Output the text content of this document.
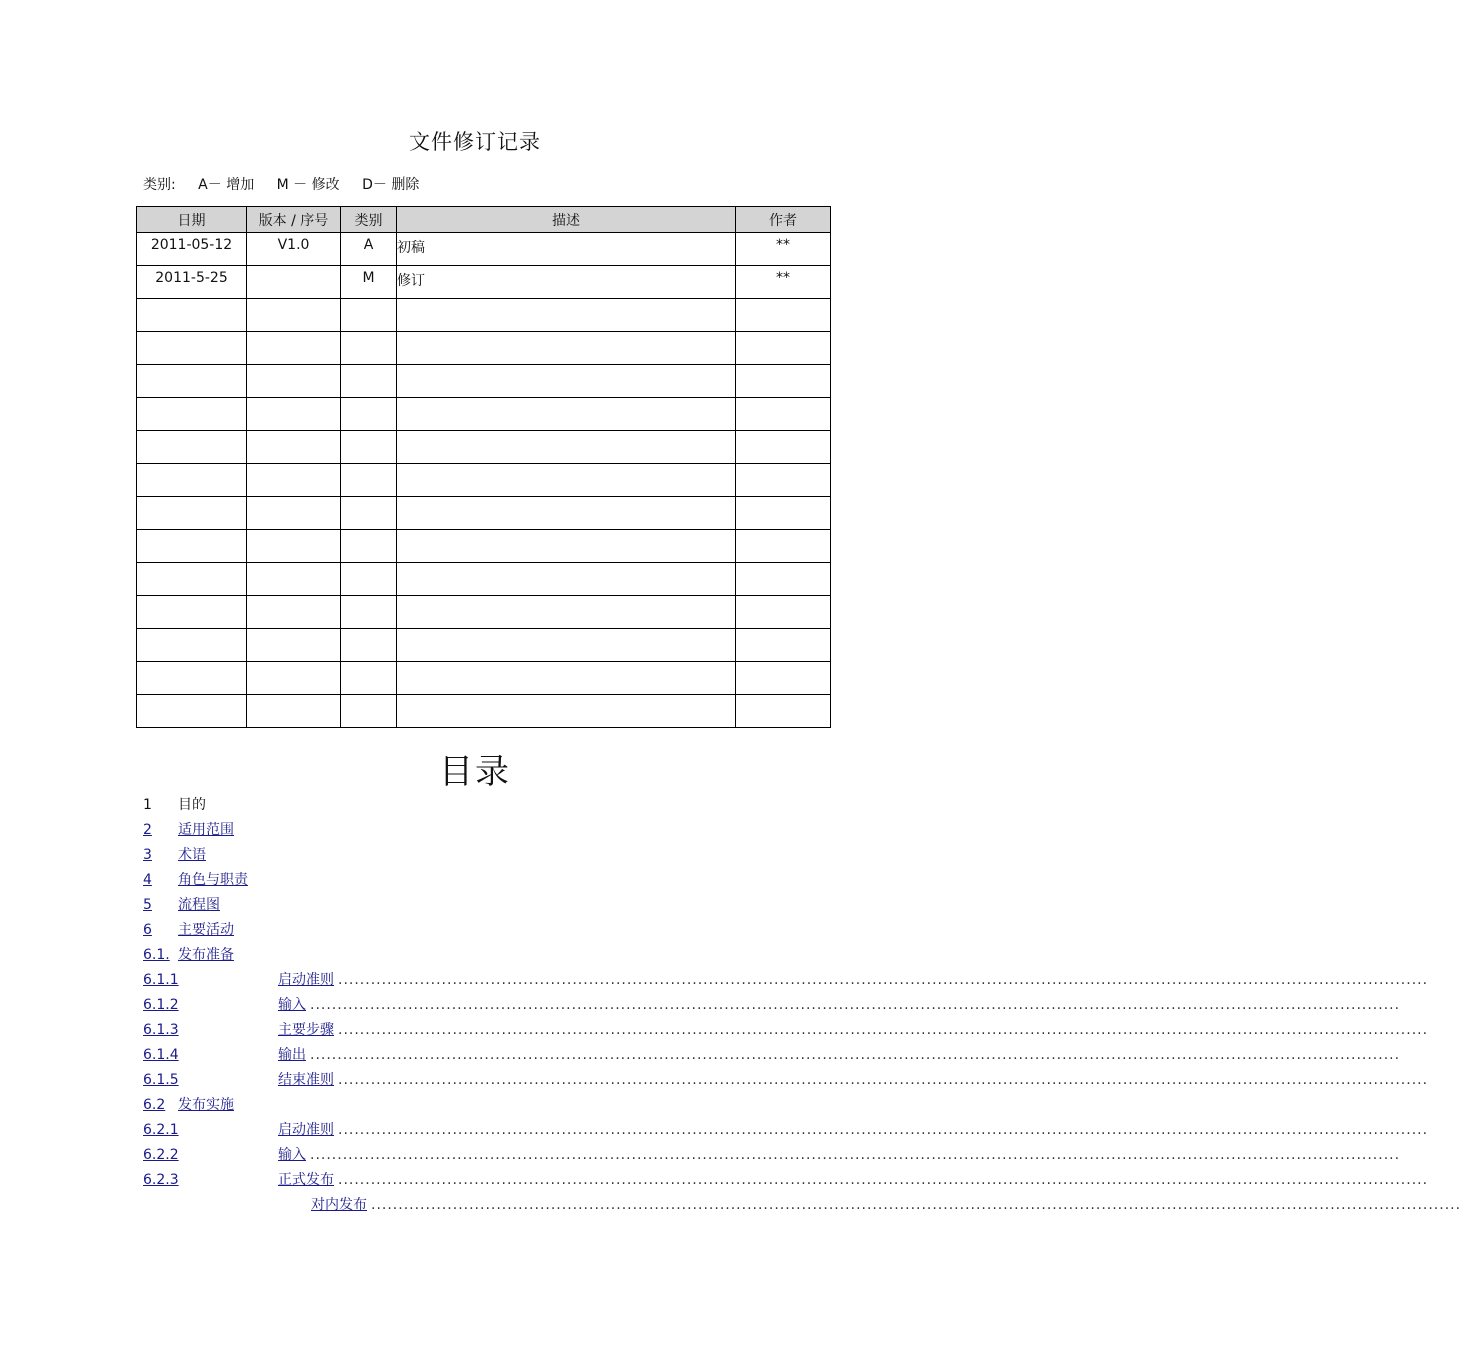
文件修订记录
类别: A－ 增加 M － 修改 D－ 删除
日期	版本 / 序号	类别	描述	作者
2011-05-12	V1.0	A	初稿	**
2011-5-25		M	修订	**

目录
1 目的
2 适用范围
3 术语
4 角色与职责
5 流程图
6 主要活动
6.1. 发布准备
6.1.1	启动准则 ........................................................................................................................................................................................................
6.1.2	输入 ........................................................................................................................................................................................................
6.1.3	主要步骤 ........................................................................................................................................................................................................
6.1.4	输出 ........................................................................................................................................................................................................
6.1.5	结束准则 ........................................................................................................................................................................................................
6.2 发布实施
6.2.1	启动准则 ........................................................................................................................................................................................................
6.2.2	输入 ........................................................................................................................................................................................................
6.2.3	正式发布 ........................................................................................................................................................................................................
对内发布 ........................................................................................................................................................................................................
